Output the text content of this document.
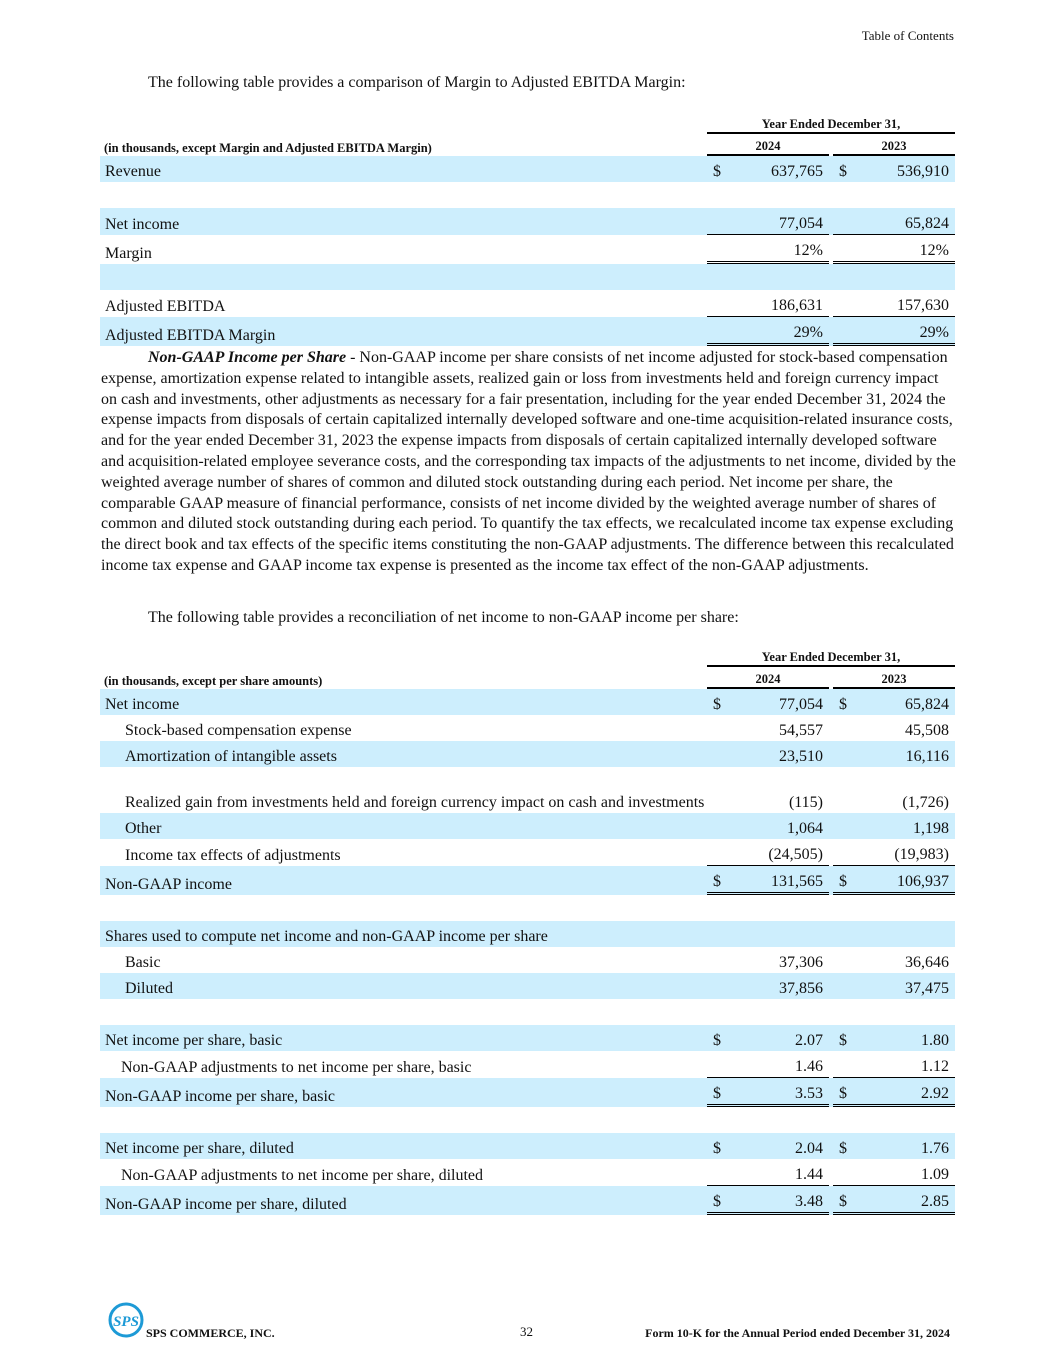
Table of Contents
The following table provides a comparison of Margin to Adjusted EBITDA Margin:
	Year Ended December 31,				
(in thousands, except Margin and Adjusted EBITDA Margin)	2024			2023	
Revenue	$	637,765		$	536,910

Net income		77,054			65,824
Margin		12%			12%

Adjusted EBITDA		186,631			157,630
Adjusted EBITDA Margin		29%			29%

Non-GAAP Income per Share - Non-GAAP income per share consists of net income adjusted for stock-based compensation expense, amortization expense related to intangible assets, realized gain or loss from investments held and foreign currency impact on cash and investments, other adjustments as necessary for a fair presentation, including for the year ended December 31, 2024 the expense impacts from disposals of certain capitalized internally developed software and one-time acquisition-related insurance costs, and for the year ended December 31, 2023 the expense impacts from disposals of certain capitalized internally developed software and acquisition-related employee severance costs, and the corresponding tax impacts of the adjustments to net income, divided by the weighted average number of shares of common and diluted stock outstanding during each period. Net income per share, the comparable GAAP measure of financial performance, consists of net income divided by the weighted average number of shares of common and diluted stock outstanding during each period. To quantify the tax effects, we recalculated income tax expense excluding the direct book and tax effects of the specific items constituting the non-GAAP adjustments. The difference between this recalculated income tax expense and GAAP income tax expense is presented as the income tax effect of the non-GAAP adjustments.

The following table provides a reconciliation of net income to non-GAAP income per share:
	Year Ended December 31,				
(in thousands, except per share amounts)	2024			2023	
Net income	$	77,054		$	65,824
Stock-based compensation expense		54,557			45,508
Amortization of intangible assets		23,510			16,116
Realized gain from investments held and foreign currency impact on cash and investments		(115)			(1,726)
Other		1,064			1,198
Income tax effects of adjustments		(24,505)			(19,983)
Non-GAAP income	$	131,565		$	106,937

Shares used to compute net income and non-GAAP income per share					
Basic		37,306			36,646
Diluted		37,856			37,475

Net income per share, basic	$	2.07		$	1.80
Non-GAAP adjustments to net income per share, basic		1.46			1.12
Non-GAAP income per share, basic	$	3.53		$	2.92

Net income per share, diluted	$	2.04		$	1.76
Non-GAAP adjustments to net income per share, diluted		1.44			1.09
Non-GAAP income per share, diluted	$	3.48		$	2.85
SPS
SPS COMMERCE, INC.	32	Form 10-K for the Annual Period ended December 31, 2024
